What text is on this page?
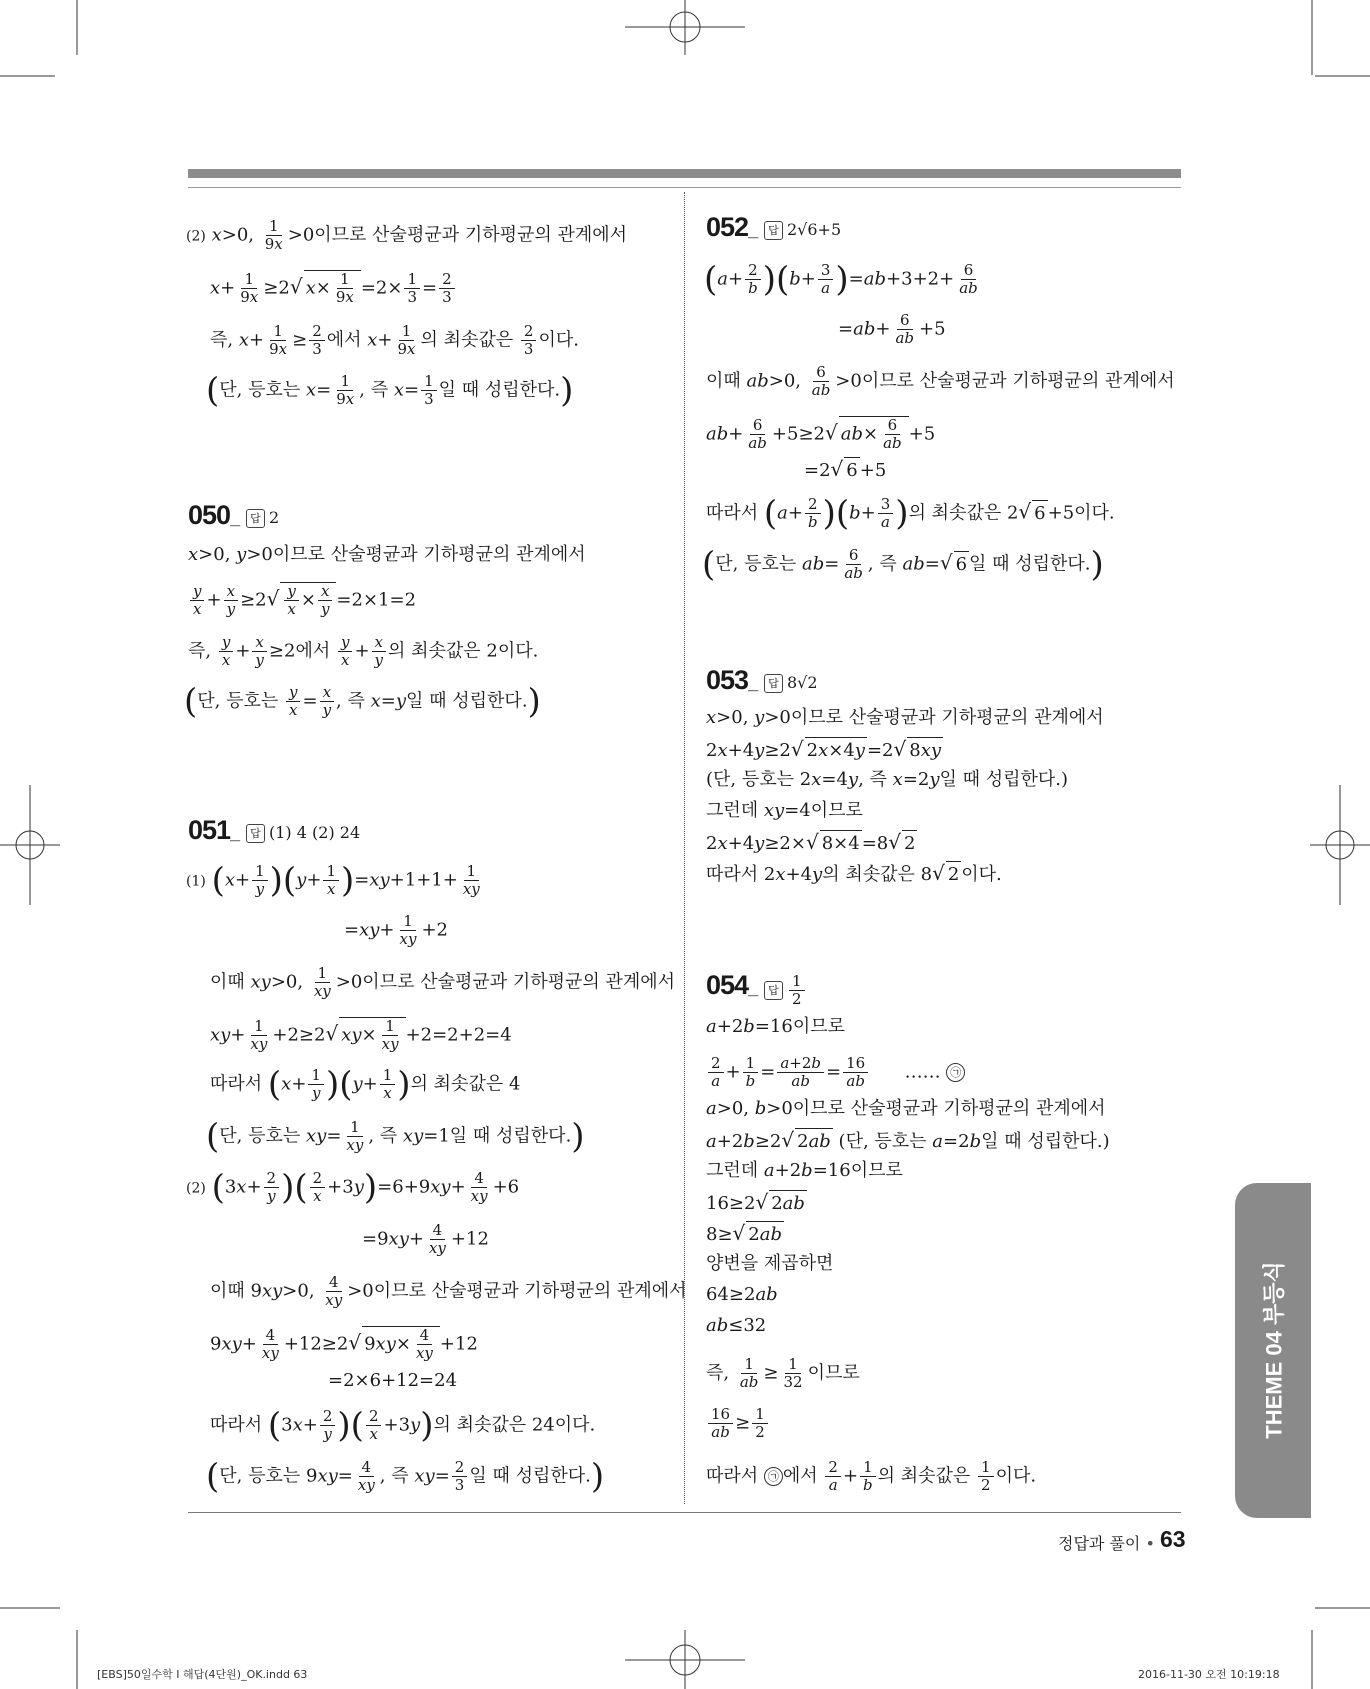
(2) x>0, $\frac{1}{9x} >0$이므로 산술평균과 기하평균의 관계에서
$x+ \frac{1}{9x} \ge 2√$ $x\times \frac{1}{9x} =2\times \frac{1}{3} = \frac{2}{3}$
즉, $x+ \frac{1}{9x} \ge \frac{2}{3}$ 에서 $x+ \frac{1}{9x}$ 의 최솟값은 $\frac{2}{3}$ 이다.
(단, 등호는 $x= \frac{1}{9x}$ , 즉 $x= \frac{1}{3}$ 일 때 성립한다.)
050_	답 2
x>0, y>0이므로 산술평균과 기하평균의 관계에서
$\frac{y}{x} + \frac{x}{y} \ge 2√ \frac{y}{x} \times \frac{x}{y} =2\times 1=2$
즉, $\frac{y}{x} + \frac{x}{y} \ge 2$에서 $\frac{y}{x} + \frac{x}{y}$ 의 최솟값은 2이다.
(단, 등호는 $\frac{y}{x} = \frac{x}{y}$ , 즉 x=y일 때 성립한다.)
051_	답 (1) 4 (2) 24
(1) $(x+ \frac{1}{y} )(y+ \frac{1}{x} )=xy+1+1+ \frac{1}{xy}$
$=xy+ \frac{1}{xy} +2$
이때 xy>0, $\frac{1}{xy} >0$이므로 산술평균과 기하평균의 관계에서
$xy+ \frac{1}{xy} +2\ge 2√$ $xy\times \frac{1}{xy} +2=2+2=4$
따라서 $(x+ \frac{1}{y} )(y+ \frac{1}{x}$ )의 최솟값은 4
(단, 등호는 $xy= \frac{1}{xy}$ , 즉 xy=1일 때 성립한다.)
(2) ($3x+ \frac{2}{y}$ )( $\frac{2}{x} +3y)=6+9xy+ \frac{4}{xy} +6$
$=9xy+ \frac{4}{xy} +12$
이때 9xy>0, $\frac{4}{xy} >0$이므로 산술평균과 기하평균의 관계에서
$9xy+ \frac{4}{xy} +12\ge 2√$ $9xy\times \frac{4}{xy} +12$
=2×6+12=24
따라서 ($3x+ \frac{2}{y}$ )( $\frac{2}{x} +3y$)의 최솟값은 24이다.
(단, 등호는 $9xy= \frac{4}{xy}$ , 즉 $xy= \frac{2}{3}$ 일 때 성립한다.)
052_	답 2√6+5
$(a+ \frac{2}{b} )(b+ \frac{3}{a} )=ab+3+2+ \frac{6}{ab}$
$=ab+ \frac{6}{ab} +5$
이때 ab>0, $\frac{6}{ab} >0$이므로 산술평균과 기하평균의 관계에서
$ab+ \frac{6}{ab} +5\ge 2√$ $ab\times \frac{6}{ab} +5$
=2√ 6 +5
따라서 $(a+ \frac{2}{b} )(b+ \frac{3}{a}$ )의 최솟값은 2√ 6 +5이다.
(단, 등호는 $ab= \frac{6}{ab}$ , 즉 ab=√ 6 일 때 성립한다.)
053_	답 8√2
x>0, y>0이므로 산술평균과 기하평균의 관계에서
2x+4y≥2√ 2x×4y =2√ 8xy
(단, 등호는 2x=4y, 즉 x=2y일 때 성립한다.)
그런데 xy=4이므로
2x+4y≥2×√ 8×4 =8√ 2
따라서 2x+4y의 최솟값은 8√ 2 이다.
054_	답 $\frac{1}{2}$
a+2b=16이므로
$\frac{2}{a} + \frac{1}{b} = \frac{a+2b}{ab} = \frac{16}{ab}$ …… ㉠
a>0, b>0이므로 산술평균과 기하평균의 관계에서
a+2b≥2√ 2ab (단, 등호는 a=2b일 때 성립한다.)
그런데 a+2b=16이므로
16≥2√ 2ab
8≥√ 2ab
양변을 제곱하면
64≥2ab
ab≤32
즉, $\frac{1}{ab} \ge \frac{1}{32}$ 이므로
$\frac{16}{ab} \ge \frac{1}{2}$
따라서 ㉠ 에서 $\frac{2}{a} + \frac{1}{b}$ 의 최솟값은 $\frac{1}{2}$ 이다.
THEME 04 부등식
정답과 풀이 • 63
[EBS]50일수학 I 해답(4단원)_OK.indd 63	2016-11-30 오전 10:19:18
